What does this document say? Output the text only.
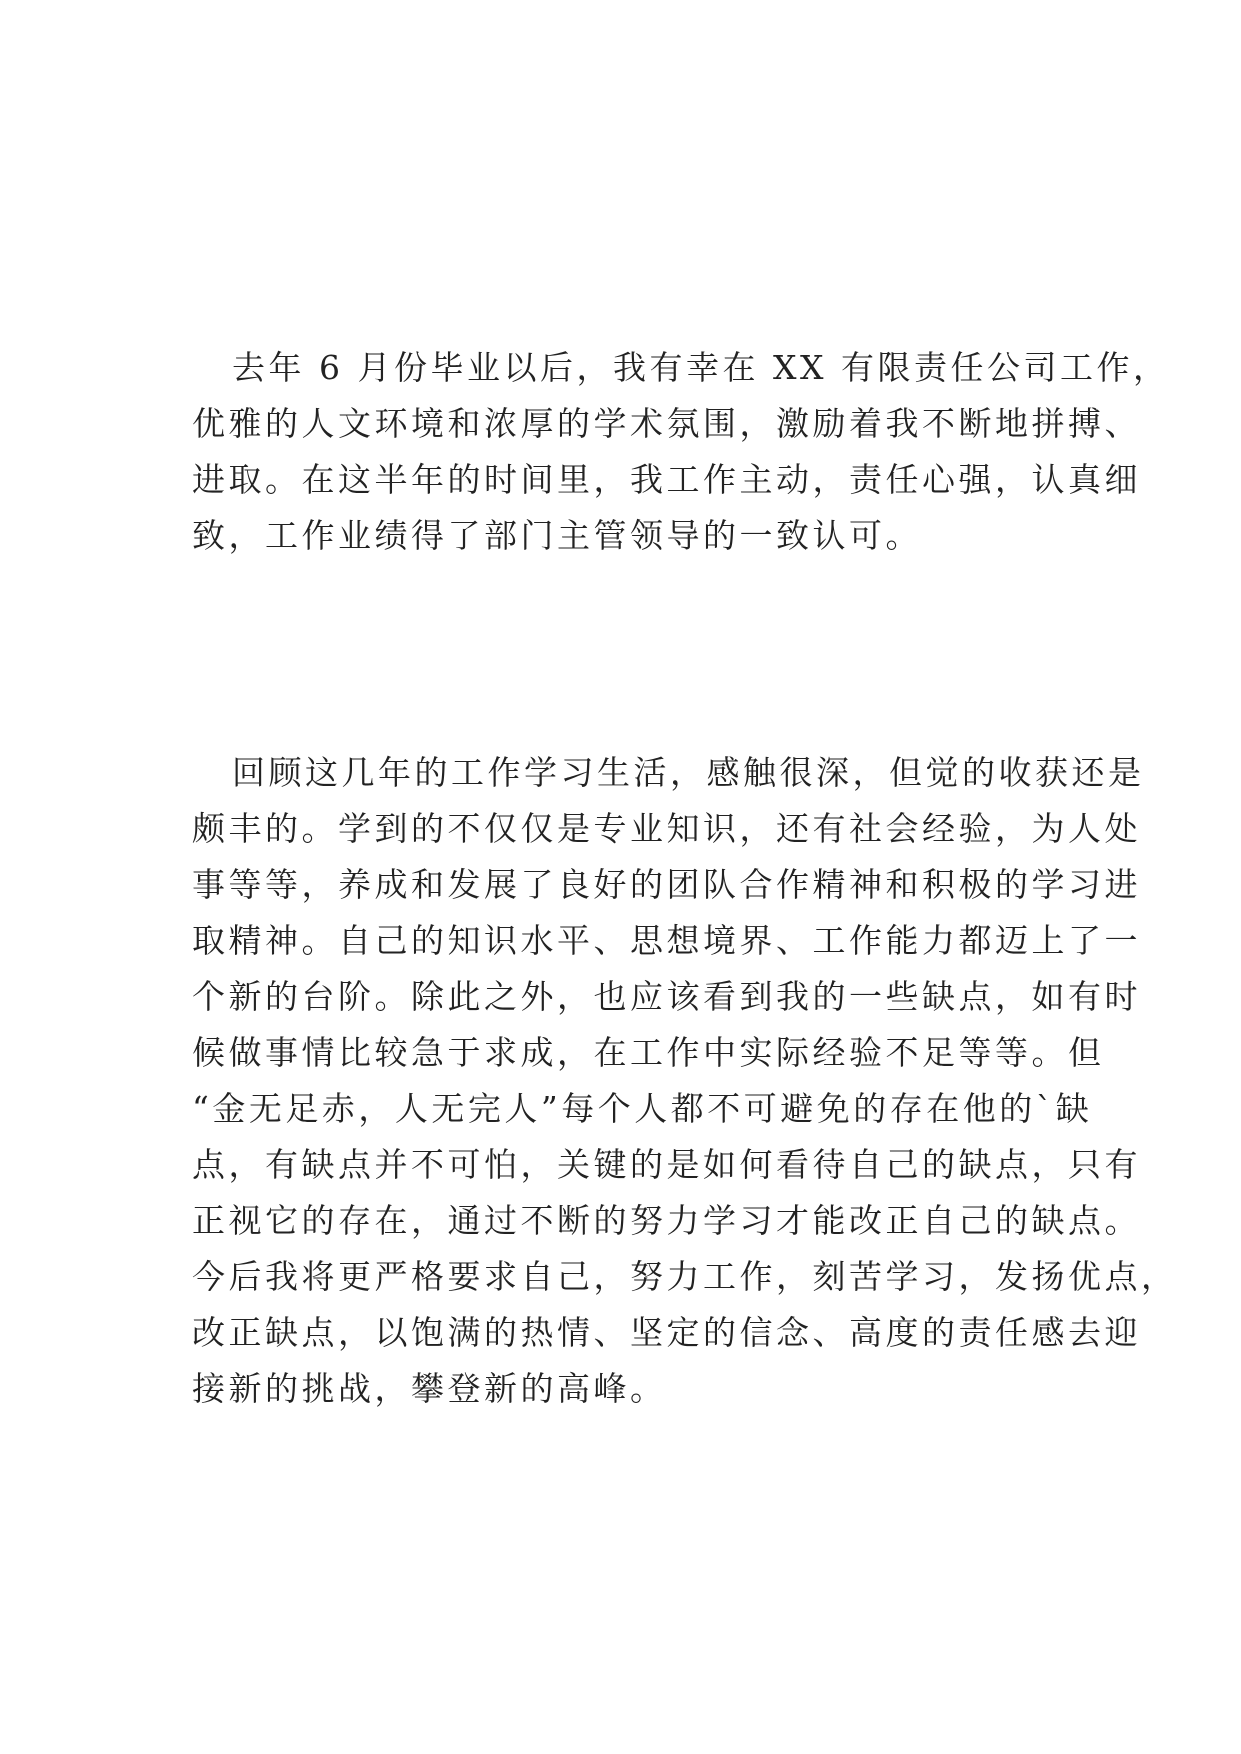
去年 6 月份毕业以后，我有幸在 XX 有限责任公司工作，
优雅的人文环境和浓厚的学术氛围，激励着我不断地拼搏、
进取。在这半年的时间里，我工作主动，责任心强，认真细
致，工作业绩得了部门主管领导的一致认可。
回顾这几年的工作学习生活，感触很深，但觉的收获还是
颇丰的。学到的不仅仅是专业知识，还有社会经验，为人处
事等等，养成和发展了良好的团队合作精神和积极的学习进
取精神。自己的知识水平、思想境界、工作能力都迈上了一
个新的台阶。除此之外，也应该看到我的一些缺点，如有时
候做事情比较急于求成，在工作中实际经验不足等等。但
“金无足赤，人无完人”每个人都不可避免的存在他的`缺
点，有缺点并不可怕，关键的是如何看待自己的缺点，只有
正视它的存在，通过不断的努力学习才能改正自己的缺点。
今后我将更严格要求自己，努力工作，刻苦学习，发扬优点，
改正缺点，以饱满的热情、坚定的信念、高度的责任感去迎
接新的挑战，攀登新的高峰。
